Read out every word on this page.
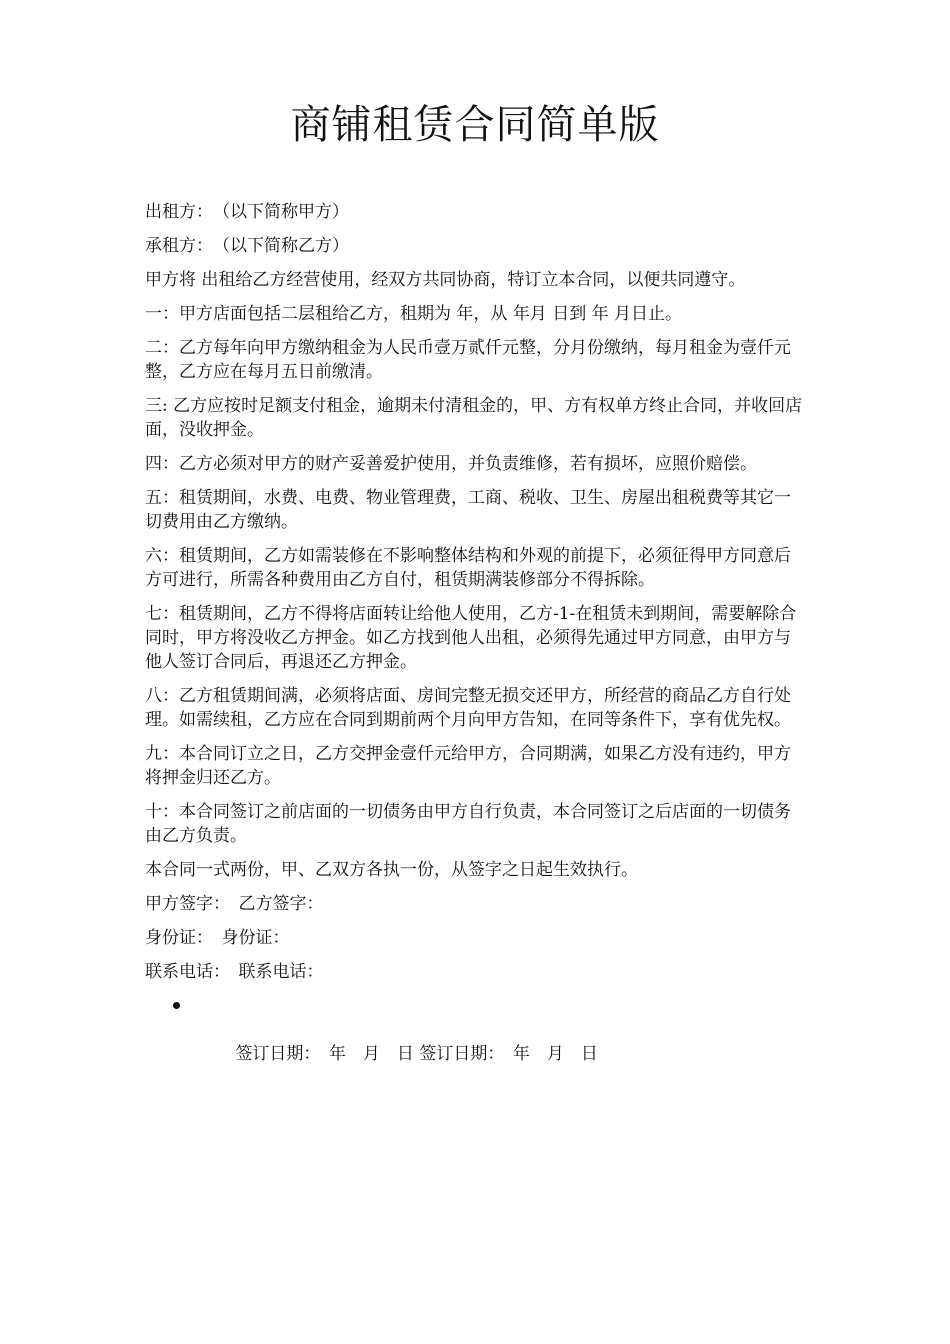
商铺租赁合同简单版

出租方：　（以下简称甲方）

承租方：　（以下简称乙方）

甲方将 出租给乙方经营使用，经双方共同协商，特订立本合同，以便共同遵守。

一：甲方店面包括二层租给乙方，租期为 年，从 年月 日到 年 月日止。

二：乙方每年向甲方缴纳租金为人民币壹万贰仟元整，分月份缴纳，每月租金为壹仟元整，乙方应在每月五日前缴清。

三: 乙方应按时足额支付租金，逾期未付清租金的，甲、方有权单方终止合同，并收回店面，没收押金。

四：乙方必须对甲方的财产妥善爱护使用，并负责维修，若有损坏，应照价赔偿。

五：租赁期间，水费、电费、物业管理费，工商、税收、卫生、房屋出租税费等其它一切费用由乙方缴纳。

六：租赁期间，乙方如需装修在不影响整体结构和外观的前提下，必须征得甲方同意后方可进行，所需各种费用由乙方自付，租赁期满装修部分不得拆除。

七：租赁期间，乙方不得将店面转让给他人使用，乙方-1-在租赁未到期间，需要解除合同时，甲方将没收乙方押金。如乙方找到他人出租，必须得先通过甲方同意，由甲方与他人签订合同后，再退还乙方押金。

八：乙方租赁期间满，必须将店面、房间完整无损交还甲方，所经营的商品乙方自行处理。如需续租，乙方应在合同到期前两个月向甲方告知，在同等条件下，享有优先权。

九：本合同订立之日，乙方交押金壹仟元给甲方，合同期满，如果乙方没有违约，甲方将押金归还乙方。

十：本合同签订之前店面的一切债务由甲方自行负责，本合同签订之后店面的一切债务由乙方负责。

本合同一式两份，甲、乙双方各执一份，从签字之日起生效执行。

甲方签字：　乙方签字：

身份证：　身份证：

联系电话：　联系电话：

签订日期：　年　月　日 签订日期：　年　月　日
